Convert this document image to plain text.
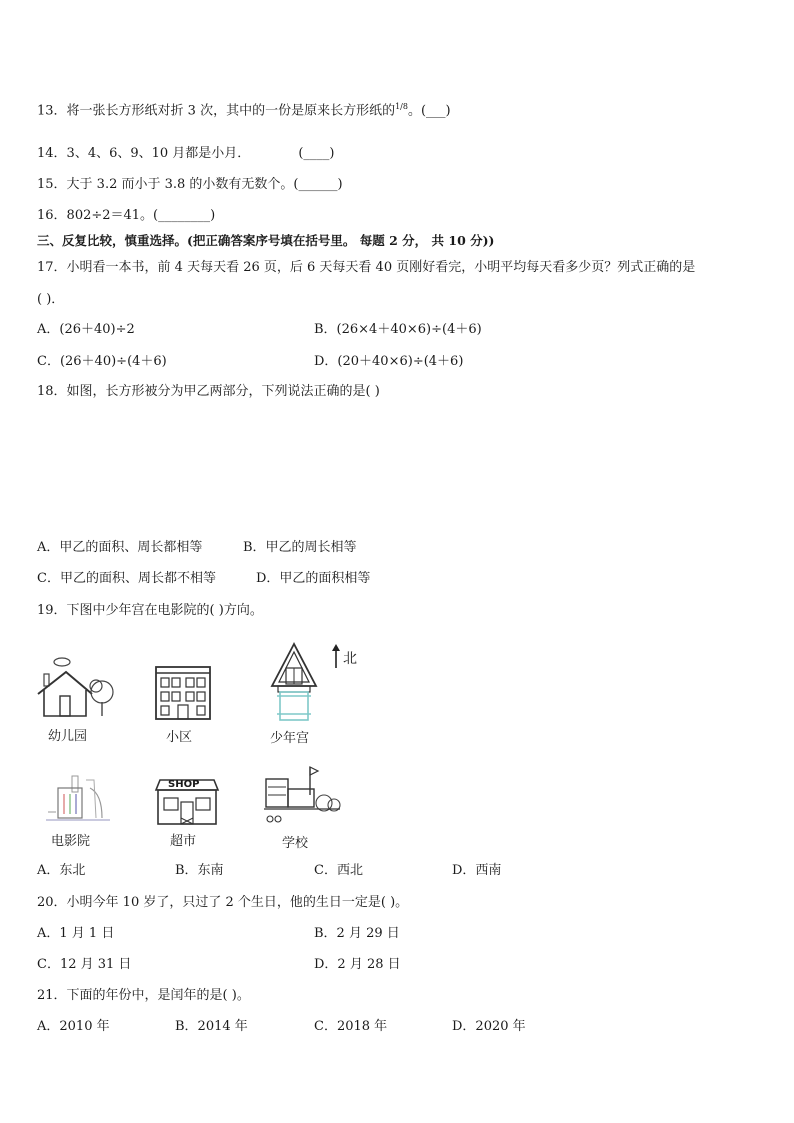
13．将一张长方形纸对折 3 次，其中的一份是原来长方形纸的$^{1/8}$。(___)
14．3、4、6、9、10 月都是小月．	(____)
15．大于 3.2 而小于 3.8 的小数有无数个。(______)
16．802÷2＝41。(________)
三、反复比较，慎重选择。(把正确答案序号填在括号里。 每题 2 分， 共 10 分))
17．小明看一本书，前 4 天每天看 26 页，后 6 天每天看 40 页刚好看完，小明平均每天看多少页？列式正确的是
( )．
A．(26＋40)÷2	B．(26×4＋40×6)÷(4＋6)
C．(26＋40)÷(4＋6)	D．(20＋40×6)÷(4＋6)
18．如图，长方形被分为甲乙两部分，下列说法正确的是( )
A．甲乙的面积、周长都相等	B．甲乙的周长相等
C．甲乙的面积、周长都不相等	D．甲乙的面积相等
19．下图中少年宫在电影院的( )方向。
北
幼儿园	小区	少年宫
电影院
SHOP
超市	学校
A．东北	B．东南	C．西北	D．西南
20．小明今年 10 岁了，只过了 2 个生日，他的生日一定是( )。
A．1 月 1 日	B．2 月 29 日
C．12 月 31 日	D．2 月 28 日
21．下面的年份中，是闰年的是( )。
A．2010 年	B．2014 年	C．2018 年	D．2020 年
